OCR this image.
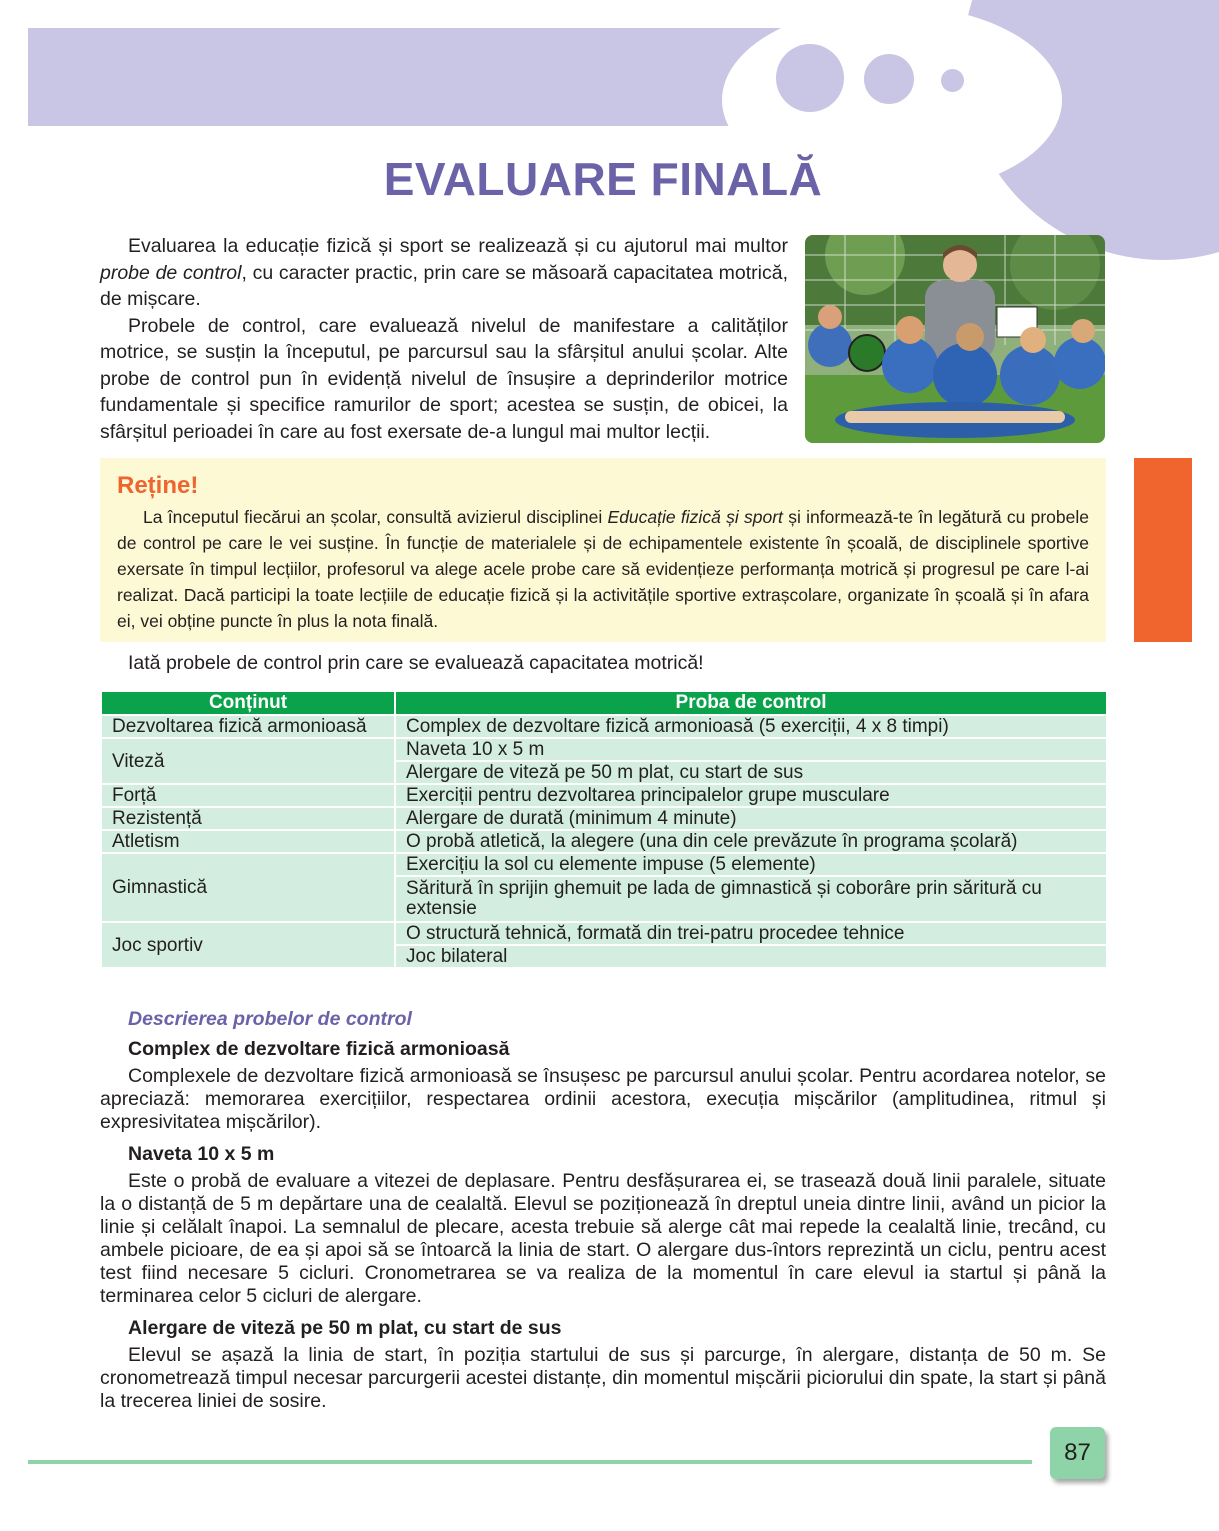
EVALUARE FINALĂ

Evaluarea la educație fizică și sport se realizează și cu ajutorul mai multor probe de control, cu caracter practic, prin care se măsoară capacitatea motrică, de mișcare.

Probele de control, care evaluează nivelul de manifestare a calităților motrice, se susțin la începutul, pe parcursul sau la sfârșitul anului școlar. Alte probe de control pun în evidență nivelul de însușire a deprinderilor motrice fundamentale și specifice ramurilor de sport; acestea se susțin, de obicei, la sfârșitul perioadei în care au fost exersate de-a lungul mai multor lecții.

Reține!
La începutul fiecărui an școlar, consultă avizierul disciplinei Educație fizică și sport și informează-te în legătură cu probele de control pe care le vei susține. În funcție de materialele și de echipamentele existente în școală, de disciplinele sportive exersate în timpul lecțiilor, profesorul va alege acele probe care să evidențieze performanța motrică și progresul pe care l-ai realizat. Dacă participi la toate lecțiile de educație fizică și la activitățile sportive extrașcolare, organizate în școală și în afara ei, vei obține puncte în plus la nota finală.
Iată probele de control prin care se evaluează capacitatea motrică!
Conținut	Proba de control
Dezvoltarea fizică armonioasă	Complex de dezvoltare fizică armonioasă (5 exerciții, 4 x 8 timpi)
Viteză	Naveta 10 x 5 m
	Alergare de viteză pe 50 m plat, cu start de sus
Forță	Exerciții pentru dezvoltarea principalelor grupe musculare
Rezistență	Alergare de durată (minimum 4 minute)
Atletism	O probă atletică, la alegere (una din cele prevăzute în programa școlară)
Gimnastică	Exercițiu la sol cu elemente impuse (5 elemente)
	Săritură în sprijin ghemuit pe lada de gimnastică și coborâre prin săritură cu extensie
Joc sportiv	O structură tehnică, formată din trei-patru procedee tehnice
	Joc bilateral
Descrierea probelor de control
Complex de dezvoltare fizică armonioasă

Complexele de dezvoltare fizică armonioasă se însușesc pe parcursul anului școlar. Pentru acordarea notelor, se apreciază: memorarea exercițiilor, respectarea ordinii acestora, execuția mișcărilor (amplitudinea, ritmul și expresivitatea mișcărilor).

Naveta 10 x 5 m

Este o probă de evaluare a vitezei de deplasare. Pentru desfășurarea ei, se trasează două linii paralele, situate la o distanță de 5 m depărtare una de cealaltă. Elevul se poziționează în dreptul uneia dintre linii, având un picior la linie și celălalt înapoi. La semnalul de plecare, acesta trebuie să alerge cât mai repede la cealaltă linie, trecând, cu ambele picioare, de ea și apoi să se întoarcă la linia de start. O alergare dus-întors reprezintă un ciclu, pentru acest test fiind necesare 5 cicluri. Cronometrarea se va realiza de la momentul în care elevul ia startul și până la terminarea celor 5 cicluri de alergare.

Alergare de viteză pe 50 m plat, cu start de sus

Elevul se așază la linia de start, în poziția startului de sus și parcurge, în alergare, distanța de 50 m. Se cronometrează timpul necesar parcurgerii acestei distanțe, din momentul mișcării piciorului din spate, la start și până la trecerea liniei de sosire.

87
